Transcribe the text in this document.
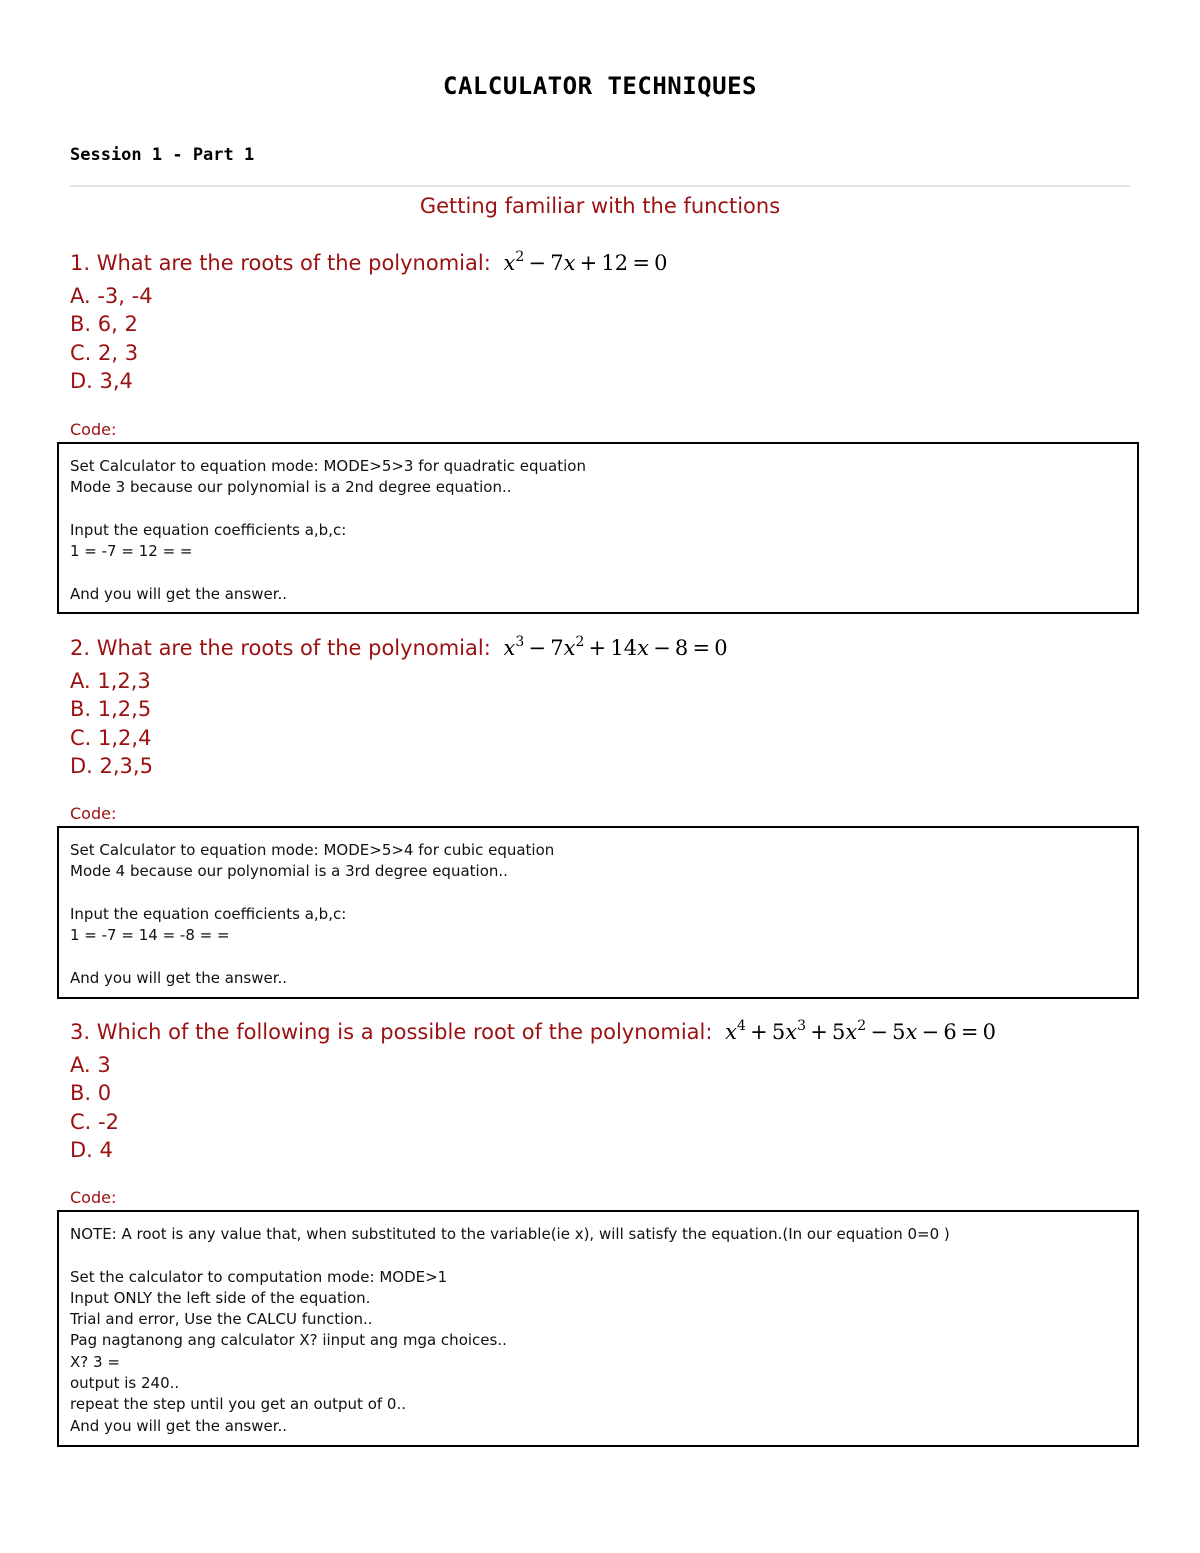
CALCULATOR TECHNIQUES
Session 1 - Part 1
Getting familiar with the functions
1. What are the roots of the polynomial: $x^2 - 7x + 12 = 0$
A. -3, -4
B. 6, 2
C. 2, 3
D. 3,4
Code:
Set Calculator to equation mode: MODE>5>3 for quadratic equation
Mode 3 because our polynomial is a 2nd degree equation..
Input the equation coefficients a,b,c:
1 = -7 = 12 = =
And you will get the answer..
2. What are the roots of the polynomial: $x^3 - 7x^2 + 14x - 8 = 0$
A. 1,2,3
B. 1,2,5
C. 1,2,4
D. 2,3,5
Code:
Set Calculator to equation mode: MODE>5>4 for cubic equation
Mode 4 because our polynomial is a 3rd degree equation..
Input the equation coefficients a,b,c:
1 = -7 = 14 = -8 = =
And you will get the answer..
3. Which of the following is a possible root of the polynomial: $x^4 + 5x^3 + 5x^2 - 5x - 6 = 0$
A. 3
B. 0
C. -2
D. 4
Code:
NOTE: A root is any value that, when substituted to the variable(ie x), will satisfy the equation.(In our equation 0=0 )
Set the calculator to computation mode: MODE>1
Input ONLY the left side of the equation.
Trial and error, Use the CALCU function..
Pag nagtanong ang calculator X? iinput ang mga choices..
X? 3 =
output is 240..
repeat the step until you get an output of 0..
And you will get the answer..
